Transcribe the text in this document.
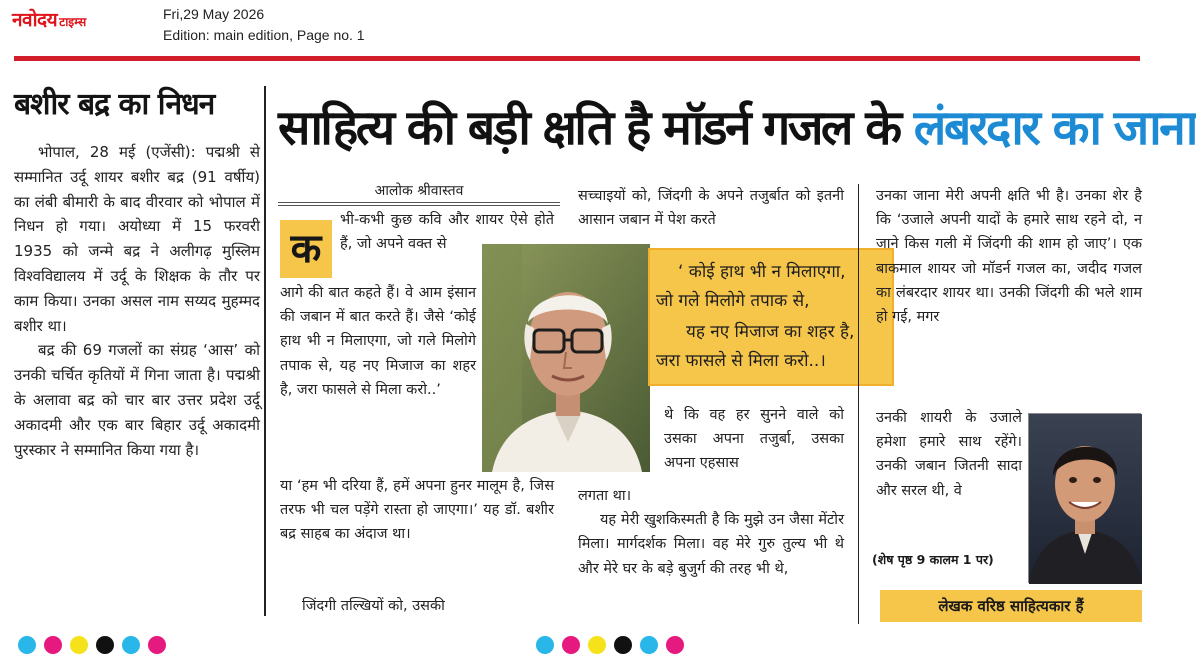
नवोदय टाइम्स	Fri,29 May 2026
Edition: main edition, Page no. 1
बशीर बद्र का निधन

भोपाल, 28 मई (एजेंसी): पद्मश्री से सम्मानित उर्दू शायर बशीर बद्र (91 वर्षीय) का लंबी बीमारी के बाद वीरवार को भोपाल में निधन हो गया। अयोध्या में 15 फरवरी 1935 को जन्मे बद्र ने अलीगढ़ मुस्लिम विश्वविद्यालय में उर्दू के शिक्षक के तौर पर काम किया। उनका असल नाम सय्यद मुहम्मद बशीर था।

बद्र की 69 गजलों का संग्रह ‘आस’ को उनकी चर्चित कृतियों में गिना जाता है। पद्मश्री के अलावा बद्र को चार बार उत्तर प्रदेश उर्दू अकादमी और एक बार बिहार उर्दू अकादमी पुरस्कार ने सम्मानित किया गया है।

साहित्य की बड़ी क्षति है मॉडर्न गजल के लंबरदार का जाना
आलोक श्रीवास्तव
क
भी-कभी कुछ कवि और शायर ऐसे होते हैं, जो अपने वक्त से
आगे की बात कहते हैं। वे आम इंसान की जबान में बात करते हैं। जैसे ‘कोई हाथ भी न मिलाएगा, जो गले मिलोगे तपाक से, यह नए मिजाज का शहर है, जरा फासले से मिला करो..’
या ‘हम भी दरिया हैं, हमें अपना हुनर मालूम है, जिस तरफ भी चल पड़ेंगे रास्ता हो जाएगा।’ यह डॉ. बशीर बद्र साहब का अंदाज था।
जिंदगी तल्खियों को, उसकी
सच्चाइयों को, जिंदगी के अपने तजुर्बात को इतनी आसान जबान में पेश करते
थे कि वह हर सुनने वाले को उसका अपना तजुर्बा, उसका अपना एहसास

लगता था।

यह मेरी खुशकिस्मती है कि मुझे उन जैसा मेंटोर मिला। मार्गदर्शक मिला। वह मेरे गुरु तुल्य भी थे और मेरे घर के बड़े बुजुर्ग की तरह भी थे,

‘ कोई हाथ भी न मिलाएगा,
जो गले मिलोगे तपाक से,
यह नए मिजाज का शहर है,
जरा फासले से मिला करो..।
उनका जाना मेरी अपनी क्षति भी है। उनका शेर है कि ‘उजाले अपनी यादों के हमारे साथ रहने दो, न जाने किस गली में जिंदगी की शाम हो जाए’। एक बाकमाल शायर जो मॉडर्न गजल का, जदीद गजल का लंबरदार शायर था। उनकी जिंदगी की भले शाम हो गई, मगर
उनकी शायरी के उजाले हमेशा हमारे साथ रहेंगे। उनकी जबान जितनी सादा और सरल थी, वे
(शेष पृष्ठ 9 कालम 1 पर)
लेखक वरिष्ठ साहित्यकार हैं
